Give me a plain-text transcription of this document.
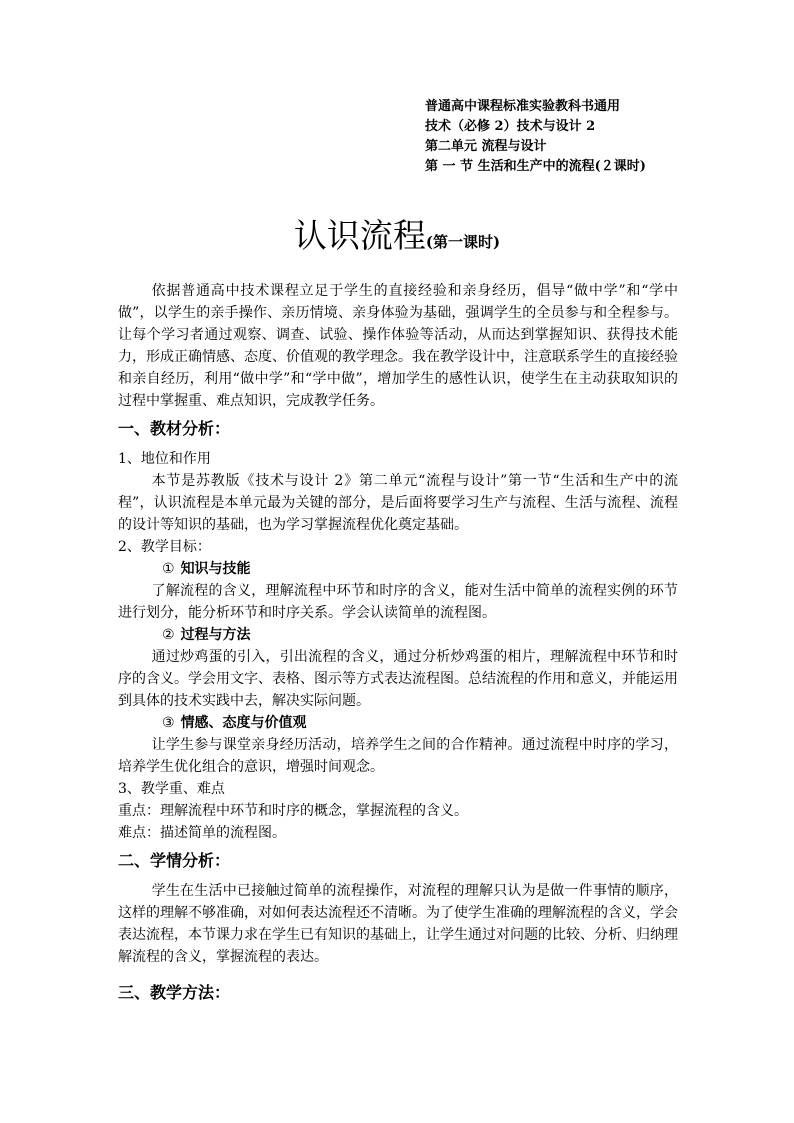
普通高中课程标准实验教科书通用
技术（必修 2）技术与设计 2
第二单元 流程与设计
第 一 节 生活和生产中的流程(２课时)
认识流程(第一课时)

依据普通高中技术课程立足于学生的直接经验和亲身经历，倡导“做中学”和“学中做”，以学生的亲手操作、亲历情境、亲身体验为基础，强调学生的全员参与和全程参与。让每个学习者通过观察、调查、试验、操作体验等活动，从而达到掌握知识、获得技术能力，形成正确情感、态度、价值观的教学理念。我在教学设计中，注意联系学生的直接经验和亲自经历，利用“做中学”和“学中做”，增加学生的感性认识，使学生在主动获取知识的过程中掌握重、难点知识，完成教学任务。

一、教材分析：

1、地位和作用

本节是苏教版《技术与设计 2》第二单元“流程与设计”第一节“生活和生产中的流程”，认识流程是本单元最为关键的部分，是后面将要学习生产与流程、生活与流程、流程的设计等知识的基础，也为学习掌握流程优化奠定基础。

2、教学目标：

① 知识与技能

了解流程的含义，理解流程中环节和时序的含义，能对生活中简单的流程实例的环节进行划分，能分析环节和时序关系。学会认读简单的流程图。

② 过程与方法

通过炒鸡蛋的引入，引出流程的含义，通过分析炒鸡蛋的相片，理解流程中环节和时序的含义。学会用文字、表格、图示等方式表达流程图。总结流程的作用和意义，并能运用到具体的技术实践中去，解决实际问题。

③ 情感、态度与价值观

让学生参与课堂亲身经历活动，培养学生之间的合作精神。通过流程中时序的学习，培养学生优化组合的意识，增强时间观念。

3、教学重、难点

重点：理解流程中环节和时序的概念，掌握流程的含义。

难点：描述简单的流程图。

二、学情分析：

学生在生活中已接触过简单的流程操作，对流程的理解只认为是做一件事情的顺序，这样的理解不够准确，对如何表达流程还不清晰。为了使学生准确的理解流程的含义，学会表达流程，本节课力求在学生已有知识的基础上，让学生通过对问题的比较、分析、归纳理解流程的含义，掌握流程的表达。

三、教学方法：
